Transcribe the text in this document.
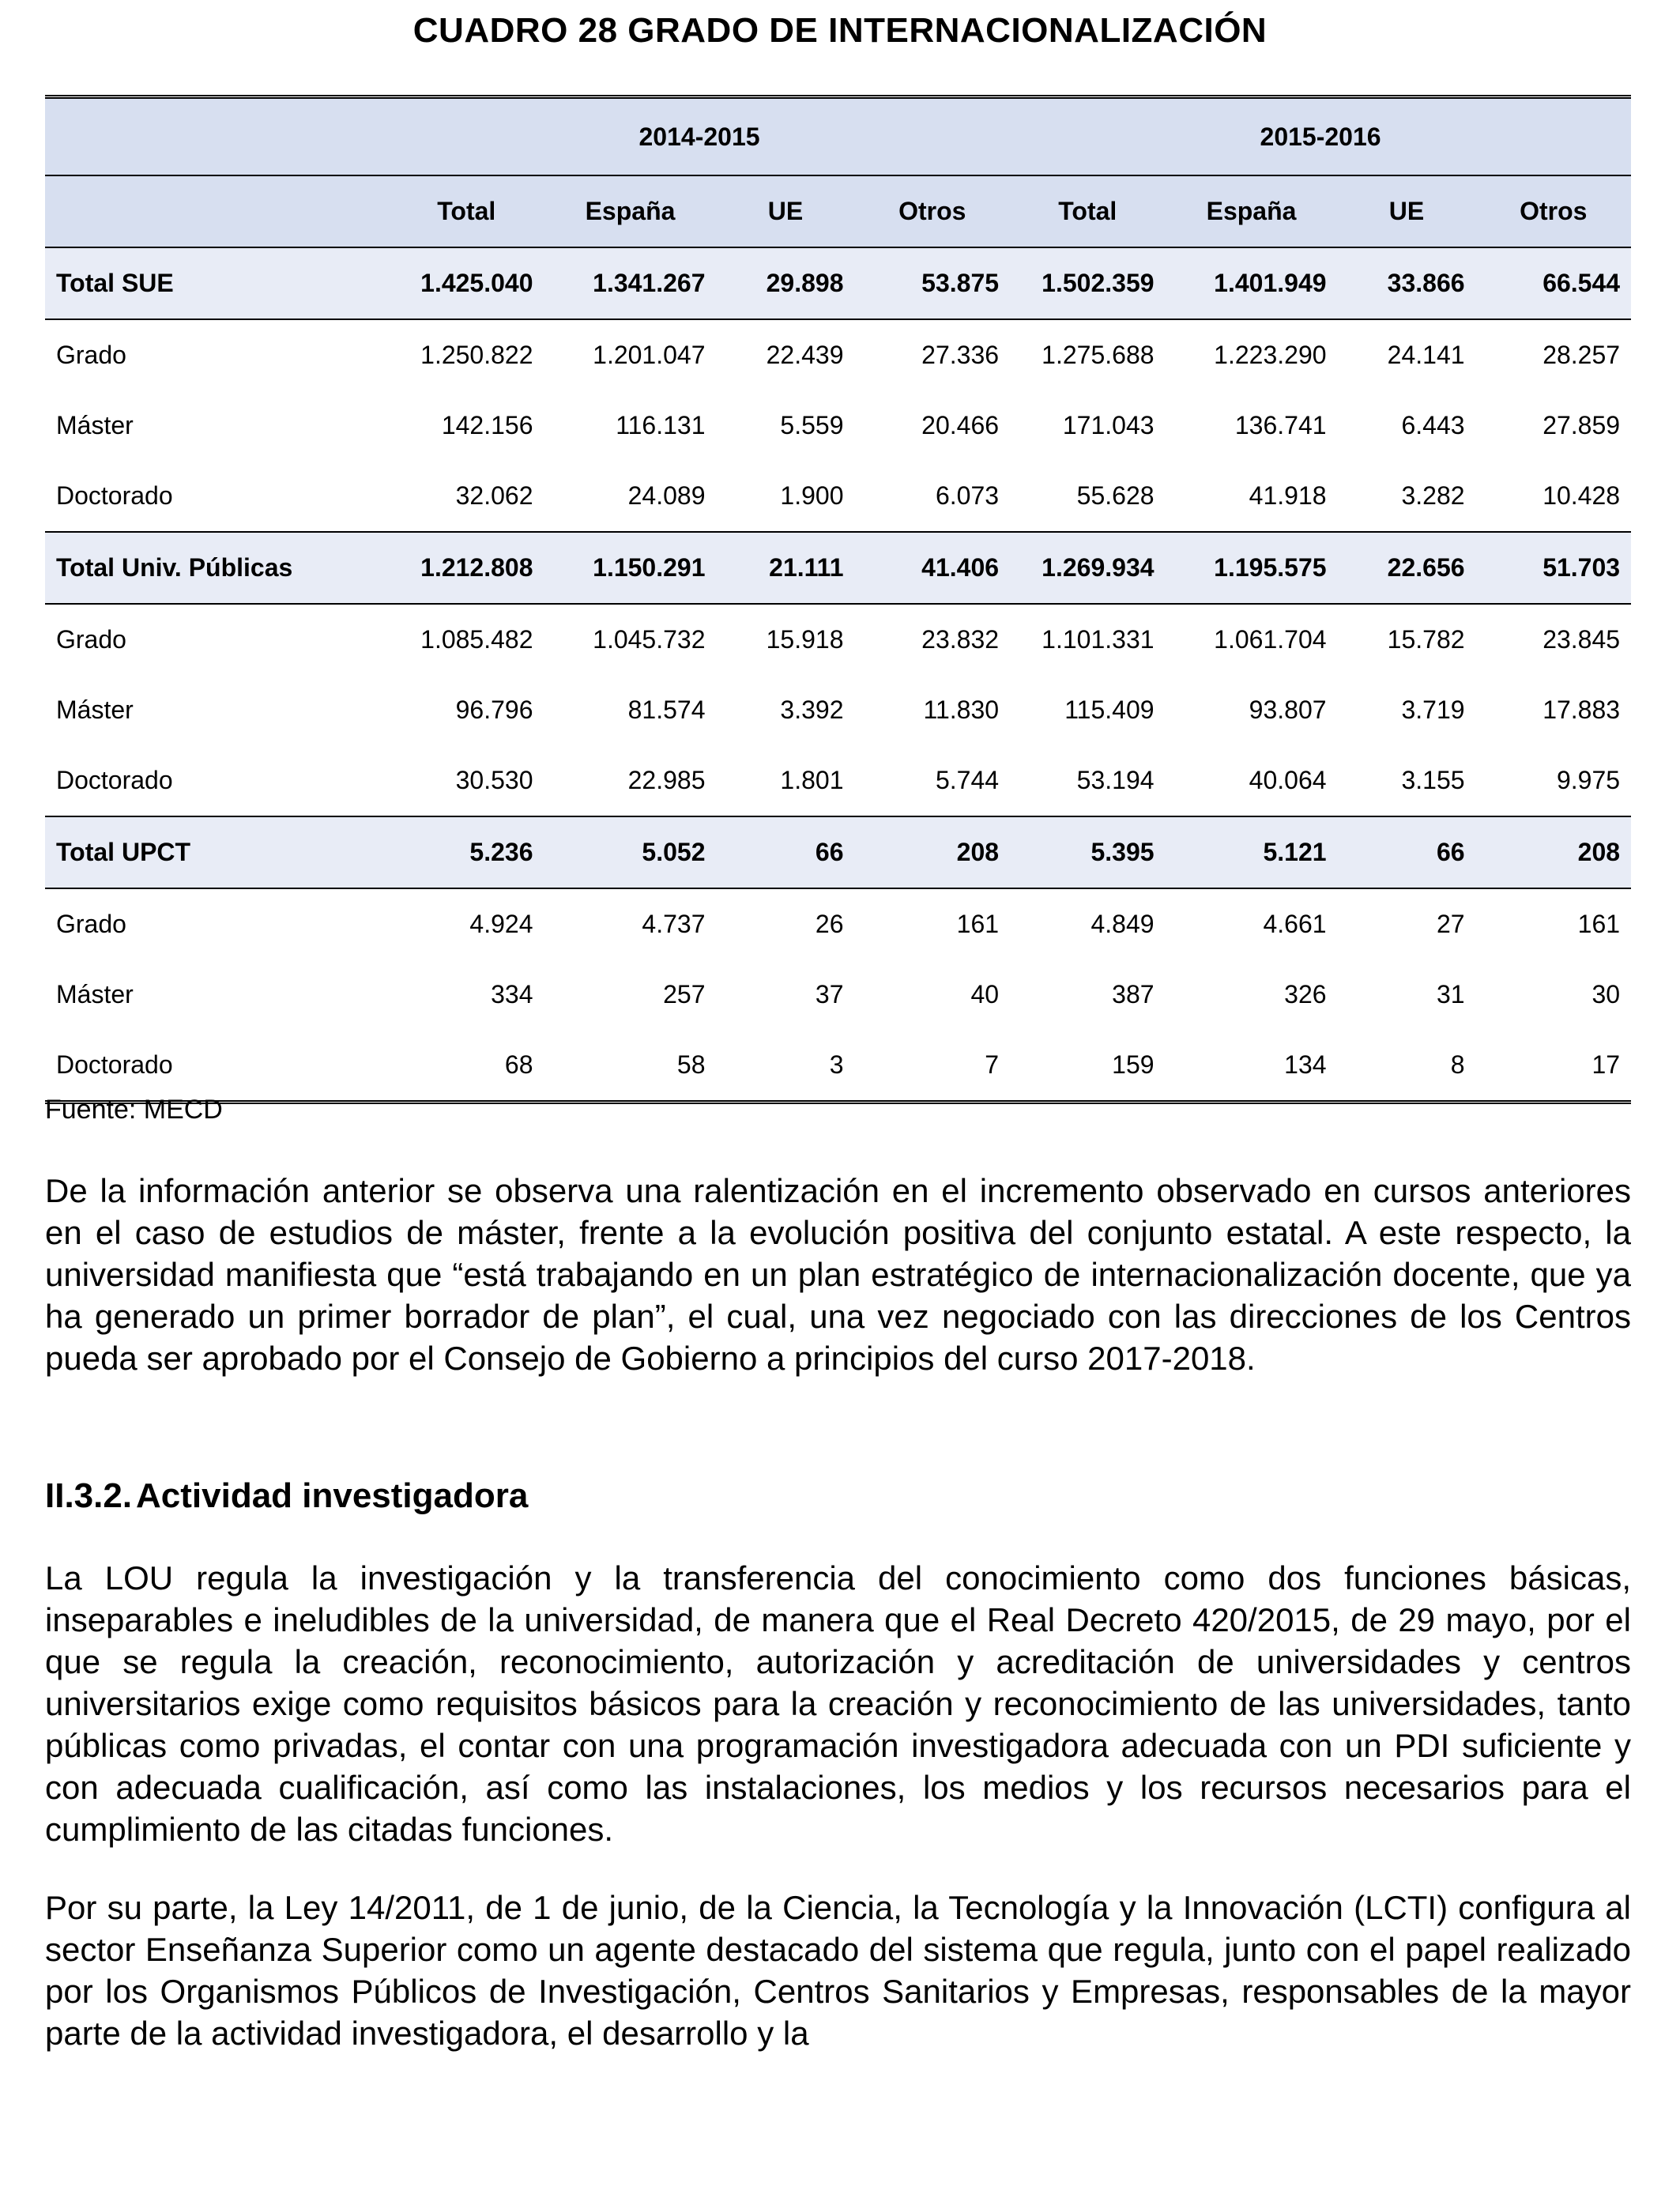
CUADRO 28 GRADO DE INTERNACIONALIZACIÓN
	2014-2015				2015-2016			
	Total	España	UE	Otros	Total	España	UE	Otros
Total SUE	1.425.040	1.341.267	29.898	53.875	1.502.359	1.401.949	33.866	66.544
Grado	1.250.822	1.201.047	22.439	27.336	1.275.688	1.223.290	24.141	28.257
Máster	142.156	116.131	5.559	20.466	171.043	136.741	6.443	27.859
Doctorado	32.062	24.089	1.900	6.073	55.628	41.918	3.282	10.428
Total Univ. Públicas	1.212.808	1.150.291	21.111	41.406	1.269.934	1.195.575	22.656	51.703
Grado	1.085.482	1.045.732	15.918	23.832	1.101.331	1.061.704	15.782	23.845
Máster	96.796	81.574	3.392	11.830	115.409	93.807	3.719	17.883
Doctorado	30.530	22.985	1.801	5.744	53.194	40.064	3.155	9.975
Total UPCT	5.236	5.052	66	208	5.395	5.121	66	208
Grado	4.924	4.737	26	161	4.849	4.661	27	161
Máster	334	257	37	40	387	326	31	30
Doctorado	68	58	3	7	159	134	8	17
Fuente: MECD
De la información anterior se observa una ralentización en el incremento observado en cursos anteriores en el caso de estudios de máster, frente a la evolución positiva del conjunto estatal. A este respecto, la universidad manifiesta que “está trabajando en un plan estratégico de internacionalización docente, que ya ha generado un primer borrador de plan”, el cual, una vez negociado con las direcciones de los Centros pueda ser aprobado por el Consejo de Gobierno a principios del curso 2017-2018.
II.3.2. Actividad investigadora
La LOU regula la investigación y la transferencia del conocimiento como dos funciones básicas, inseparables e ineludibles de la universidad, de manera que el Real Decreto 420/2015, de 29 mayo, por el que se regula la creación, reconocimiento, autorización y acreditación de universidades y centros universitarios exige como requisitos básicos para la creación y reconocimiento de las universidades, tanto públicas como privadas, el contar con una programación investigadora adecuada con un PDI suficiente y con adecuada cualificación, así como las instalaciones, los medios y los recursos necesarios para el cumplimiento de las citadas funciones.
Por su parte, la Ley 14/2011, de 1 de junio, de la Ciencia, la Tecnología y la Innovación (LCTI) configura al sector Enseñanza Superior como un agente destacado del sistema que regula, junto con el papel realizado por los Organismos Públicos de Investigación, Centros Sanitarios y Empresas, responsables de la mayor parte de la actividad investigadora, el desarrollo y la
